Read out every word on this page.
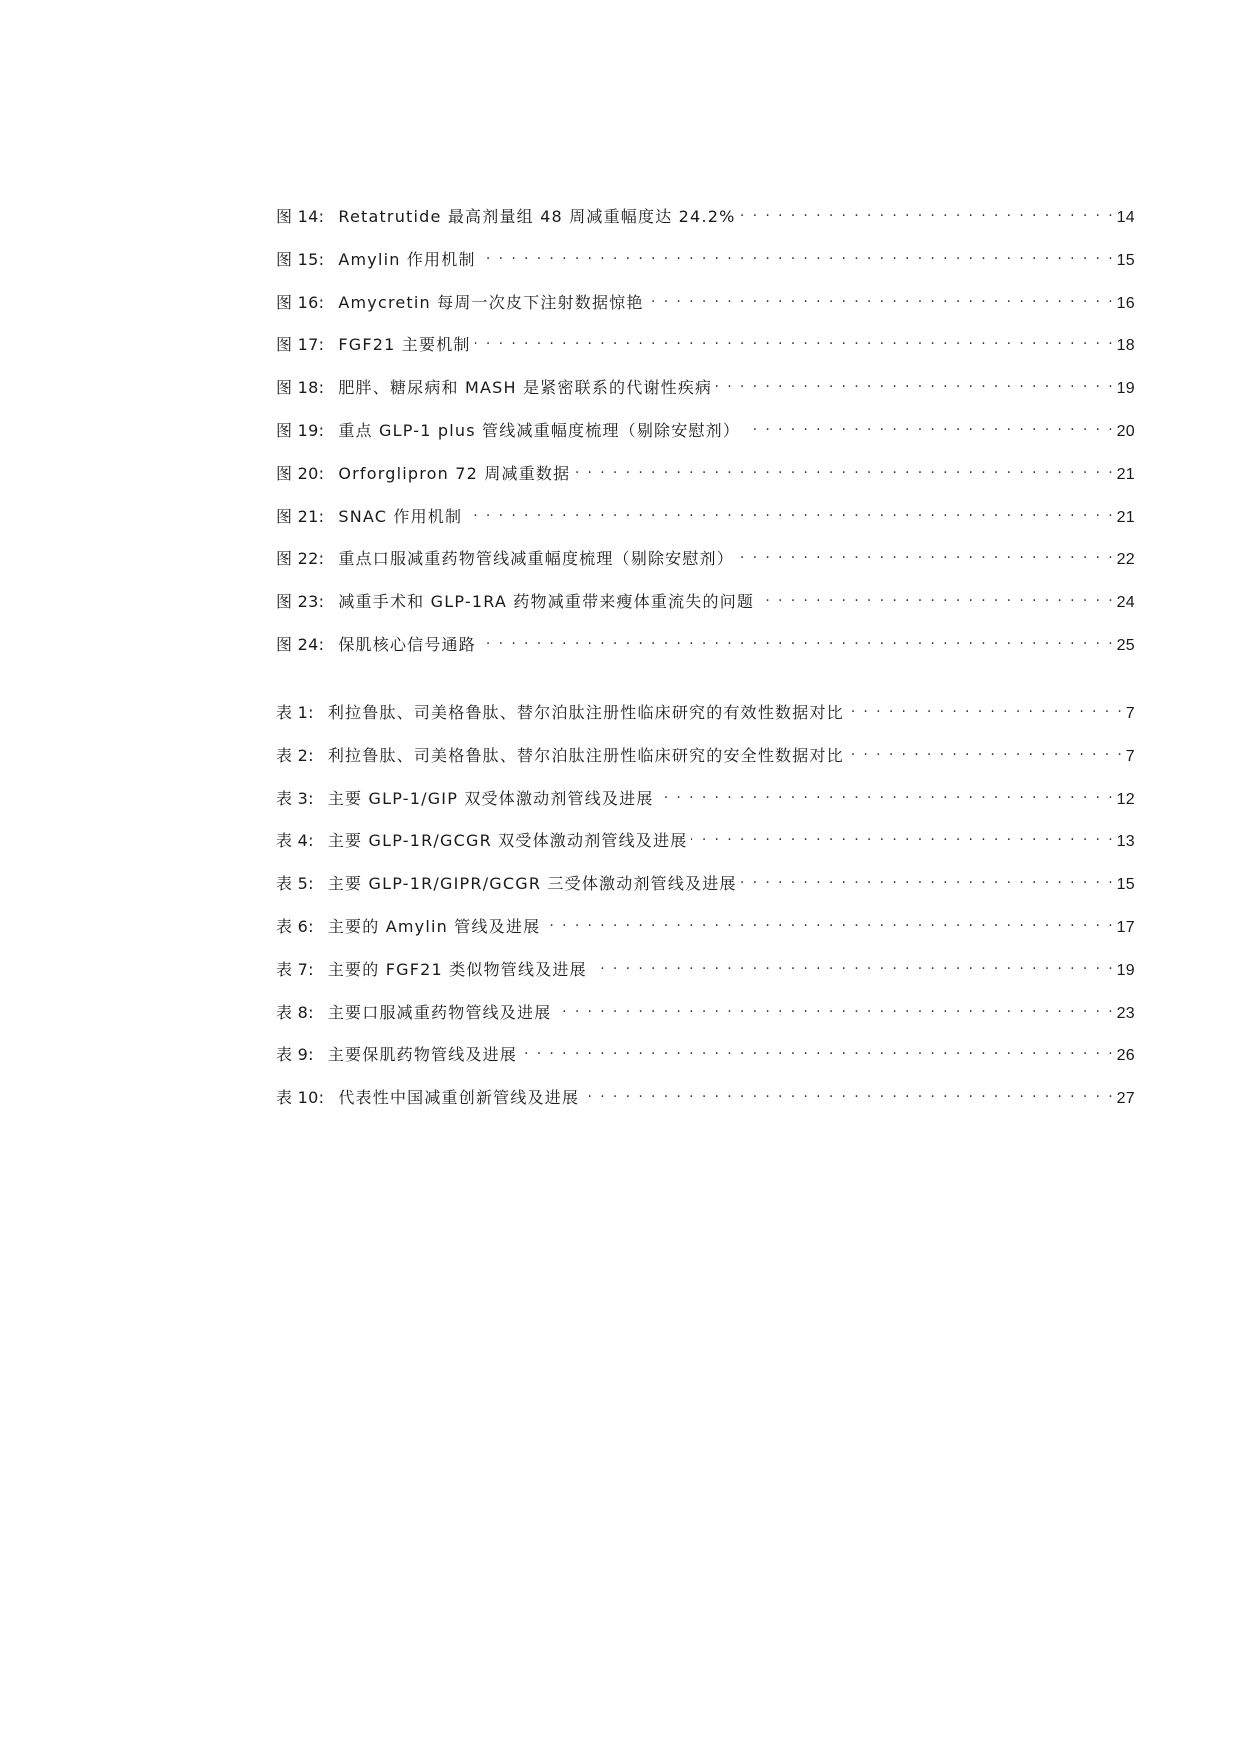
图 14: Retatrutide 最高剂量组 48 周减重幅度达 24.2% . . .	14
图 15: Amylin 作用机制 . . .	15
图 16: Amycretin 每周一次皮下注射数据惊艳 . . .	16
图 17: FGF21 主要机制 . . .	18
图 18: 肥胖、糖尿病和 MASH 是紧密联系的代谢性疾病 . . .	19
图 19: 重点 GLP-1 plus 管线减重幅度梳理（剔除安慰剂） . . .	20
图 20: Orforglipron 72 周减重数据 . . .	21
图 21: SNAC 作用机制 . . .	21
图 22: 重点口服减重药物管线减重幅度梳理（剔除安慰剂） . . .	22
图 23: 减重手术和 GLP-1RA 药物减重带来瘦体重流失的问题 . . .	24
图 24: 保肌核心信号通路 . . .	25
表 1: 利拉鲁肽、司美格鲁肽、替尔泊肽注册性临床研究的有效性数据对比 . . .	7
表 2: 利拉鲁肽、司美格鲁肽、替尔泊肽注册性临床研究的安全性数据对比 . . .	7
表 3: 主要 GLP-1/GIP 双受体激动剂管线及进展 . . .	12
表 4: 主要 GLP-1R/GCGR 双受体激动剂管线及进展 . . .	13
表 5: 主要 GLP-1R/GIPR/GCGR 三受体激动剂管线及进展 . . .	15
表 6: 主要的 Amylin 管线及进展 . . .	17
表 7: 主要的 FGF21 类似物管线及进展 . . .	19
表 8: 主要口服减重药物管线及进展 . . .	23
表 9: 主要保肌药物管线及进展 . . .	26
表 10: 代表性中国减重创新管线及进展 . . .	27
